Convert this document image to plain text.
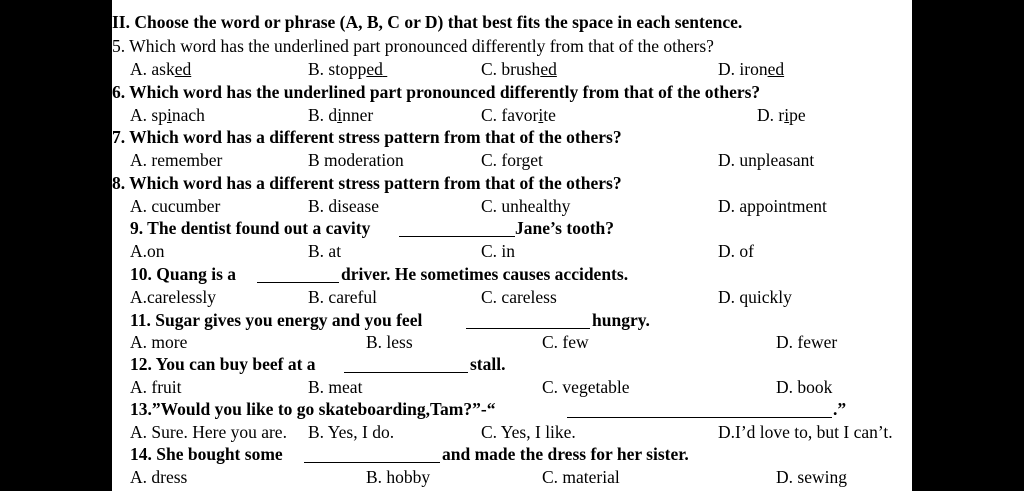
II. Choose the word or phrase (A, B, C or D) that best fits the space in each sentence.
5. Which word has the underlined part pronounced differently from that of the others?
A. asked	B. stopped	C. brushed	D. ironed
6. Which word has the underlined part pronounced differently from that of the others?
A. spinach	B. dinner	C. favorite	D. ripe
7. Which word has a different stress pattern from that of the others?
A. remember	B moderation	C. forget	D. unpleasant
8. Which word has a different stress pattern from that of the others?
A. cucumber	B. disease	C. unhealthy	D. appointment
9. The dentist found out a cavity	Jane’s tooth?
A.on	B. at	C. in	D. of
10. Quang is a	driver. He sometimes causes accidents.
A.carelessly	B. careful	C. careless	D. quickly
11. Sugar gives you energy and you feel	hungry.
A. more	B. less	C. few	D. fewer
12. You can buy beef at a	stall.
A. fruit	B. meat	C. vegetable	D. book
13.”Would you like to go skateboarding,Tam?”-“	.”
A. Sure. Here you are. B. Yes, I do.	C. Yes, I like.	D.I’d love to, but I can’t.
14. She bought some	and made the dress for her sister.
A. dress	B. hobby	C. material	D. sewing
